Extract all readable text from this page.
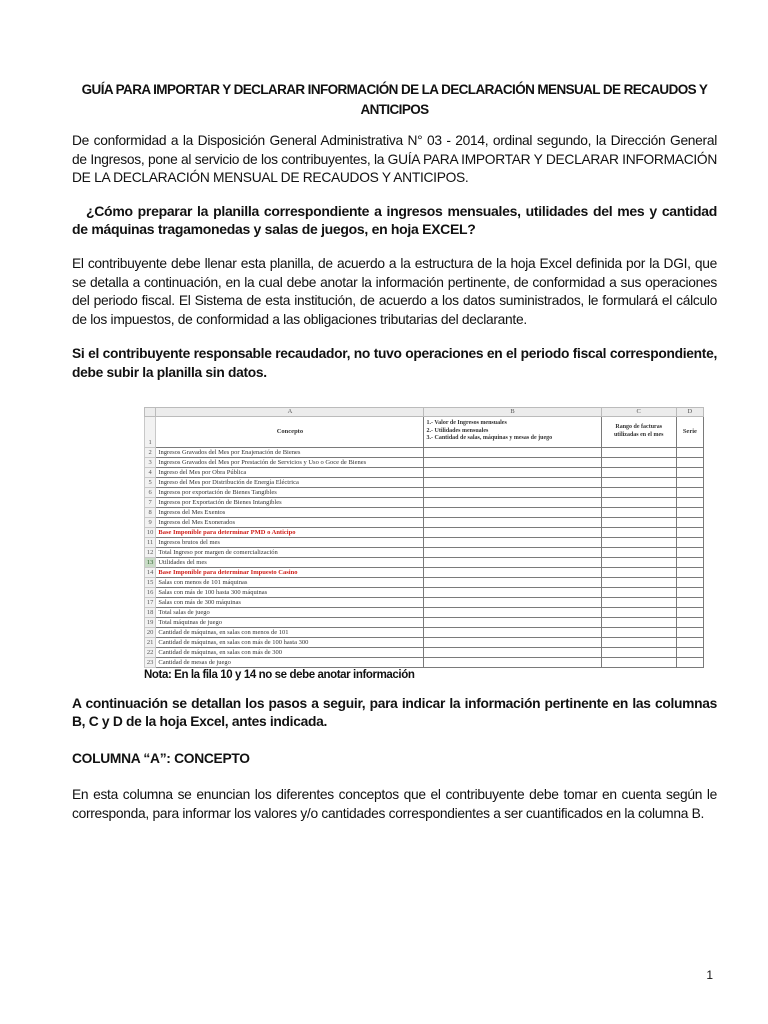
GUÍA PARA IMPORTAR Y DECLARAR INFORMACIÓN DE LA DECLARACIÓN MENSUAL DE RECAUDOS Y ANTICIPOS

De conformidad a la Disposición General Administrativa N° 03 - 2014, ordinal segundo, la Dirección General de Ingresos, pone al servicio de los contribuyentes, la GUÍA PARA IMPORTAR Y DECLARAR INFORMACIÓN DE LA DECLARACIÓN MENSUAL DE RECAUDOS Y ANTICIPOS.

¿Cómo preparar la planilla correspondiente a ingresos mensuales, utilidades del mes y cantidad de máquinas tragamonedas y salas de juegos, en hoja EXCEL?

El contribuyente debe llenar esta planilla, de acuerdo a la estructura de la hoja Excel definida por la DGI, que se detalla a continuación, en la cual debe anotar la información pertinente, de conformidad a sus operaciones del periodo fiscal. El Sistema de esta institución, de acuerdo a los datos suministrados, le formulará el cálculo de los impuestos, de conformidad a las obligaciones tributarias del declarante.

Si el contribuyente responsable recaudador, no tuvo operaciones en el periodo fiscal correspondiente, debe subir la planilla sin datos.

	A	B	C	D
1	Concepto	1.- Valor de Ingresos mensuales
2.- Utilidades mensuales
3.- Cantidad de salas, máquinas y mesas de juego	Rango de facturas utilizadas en el mes	Serie
2	Ingresos Gravados del Mes por Enajenación de Bienes			
3	Ingresos Gravados del Mes por Prestación de Servicios y Uso o Goce de Bienes			
4	Ingreso del Mes por Obra Pública			
5	Ingreso del Mes por Distribución de Energía Eléctrica			
6	Ingresos por exportación de Bienes Tangibles			
7	Ingresos por Exportación de Bienes Intangibles			
8	Ingresos del Mes Exentos			
9	Ingresos del Mes Exonerados			
10	Base Imponible para determinar PMD o Anticipo			
11	Ingresos brutos del mes			
12	Total Ingreso por margen de comercialización			
13	Utilidades del mes			
14	Base Imponible para determinar Impuesto Casino			
15	Salas con menos de 101 máquinas			
16	Salas con más de 100 hasta 300 máquinas			
17	Salas con más de 300 máquinas			
18	Total salas de juego			
19	Total máquinas de juego			
20	Cantidad de máquinas, en salas con menos de 101			
21	Cantidad de máquinas, en salas con más de 100 hasta 300			
22	Cantidad de máquinas, en salas con más de 300			
23	Cantidad de mesas de juego			
Nota: En la fila 10 y 14 no se debe anotar información

A continuación se detallan los pasos a seguir, para indicar la información pertinente en las columnas B, C y D de la hoja Excel, antes indicada.

COLUMNA “A”: CONCEPTO

En esta columna se enuncian los diferentes conceptos que el contribuyente debe tomar en cuenta según le corresponda, para informar los valores y/o cantidades correspondientes a ser cuantificados en la columna B.

1
